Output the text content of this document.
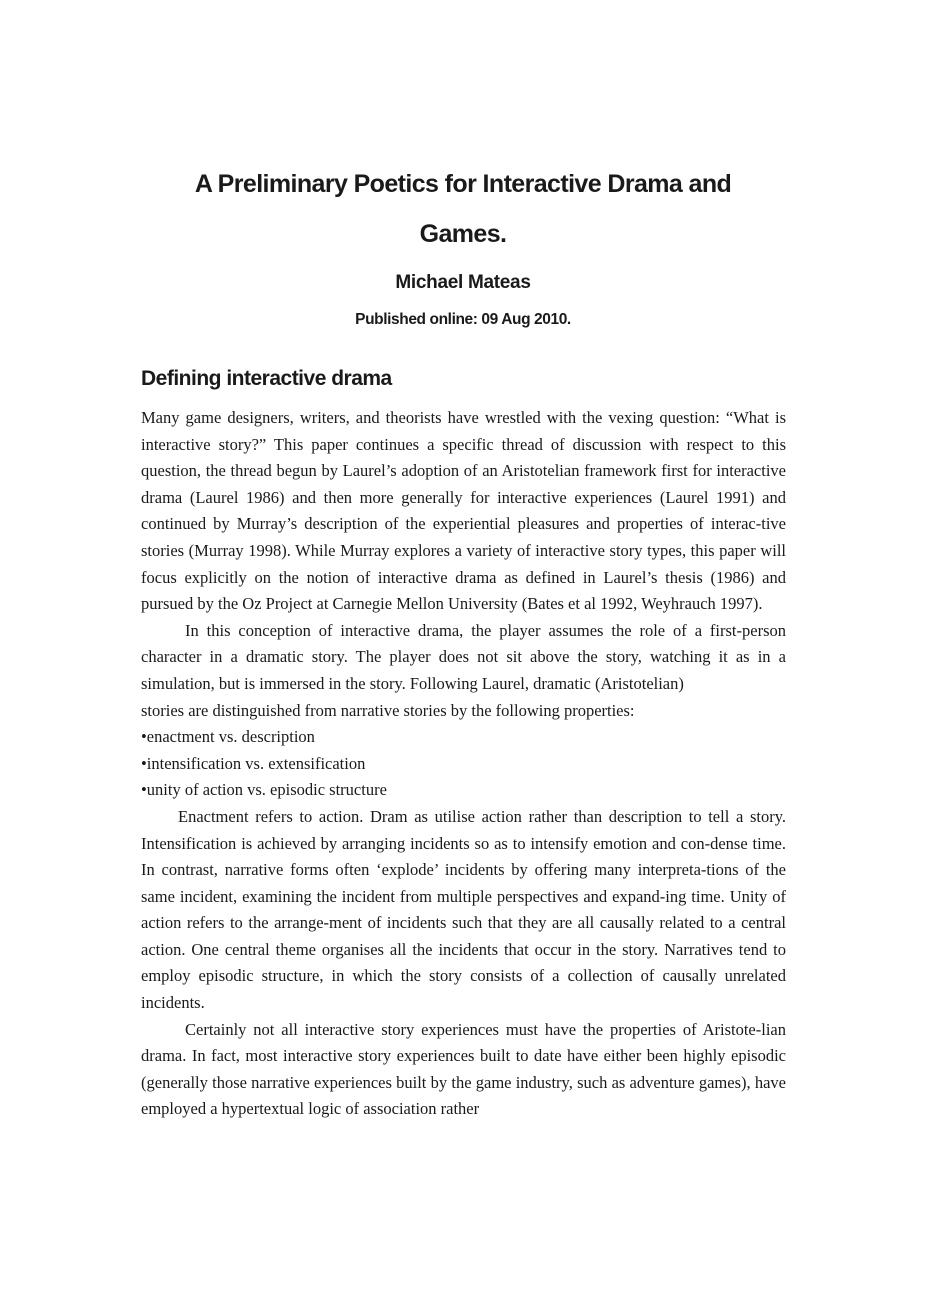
A Preliminary Poetics for Interactive Drama and
Games.
Michael Mateas
Published online: 09 Aug 2010.
Defining interactive drama

Many game designers, writers, and theorists have wrestled with the vexing question: “What is interactive story?” This paper continues a specific thread of discussion with respect to this question, the thread begun by Laurel’s adoption of an Aristotelian framework first for interactive drama (Laurel 1986) and then more generally for interactive experiences (Laurel 1991) and continued by Murray’s description of the experiential pleasures and properties of interac-tive stories (Murray 1998). While Murray explores a variety of interactive story types, this paper will focus explicitly on the notion of interactive drama as defined in Laurel’s thesis (1986) and pursued by the Oz Project at Carnegie Mellon University (Bates et al 1992, Weyhrauch 1997).

In this conception of interactive drama, the player assumes the role of a first-person character in a dramatic story. The player does not sit above the story, watching it as in a simulation, but is immersed in the story. Following Laurel, dramatic (Aristotelian)

stories are distinguished from narrative stories by the following properties:

•enactment vs. description

•intensification vs. extensification

•unity of action vs. episodic structure

Enactment refers to action. Dram as utilise action rather than description to tell a story. Intensification is achieved by arranging incidents so as to intensify emotion and con-dense time. In contrast, narrative forms often ‘explode’ incidents by offering many interpreta-tions of the same incident, examining the incident from multiple perspectives and expand-ing time. Unity of action refers to the arrange-ment of incidents such that they are all causally related to a central action. One central theme organises all the incidents that occur in the story. Narratives tend to employ episodic structure, in which the story consists of a collection of causally unrelated incidents.

Certainly not all interactive story experiences must have the properties of Aristote-lian drama. In fact, most interactive story experiences built to date have either been highly episodic (generally those narrative experiences built by the game industry, such as adventure games), have employed a hypertextual logic of association rather
